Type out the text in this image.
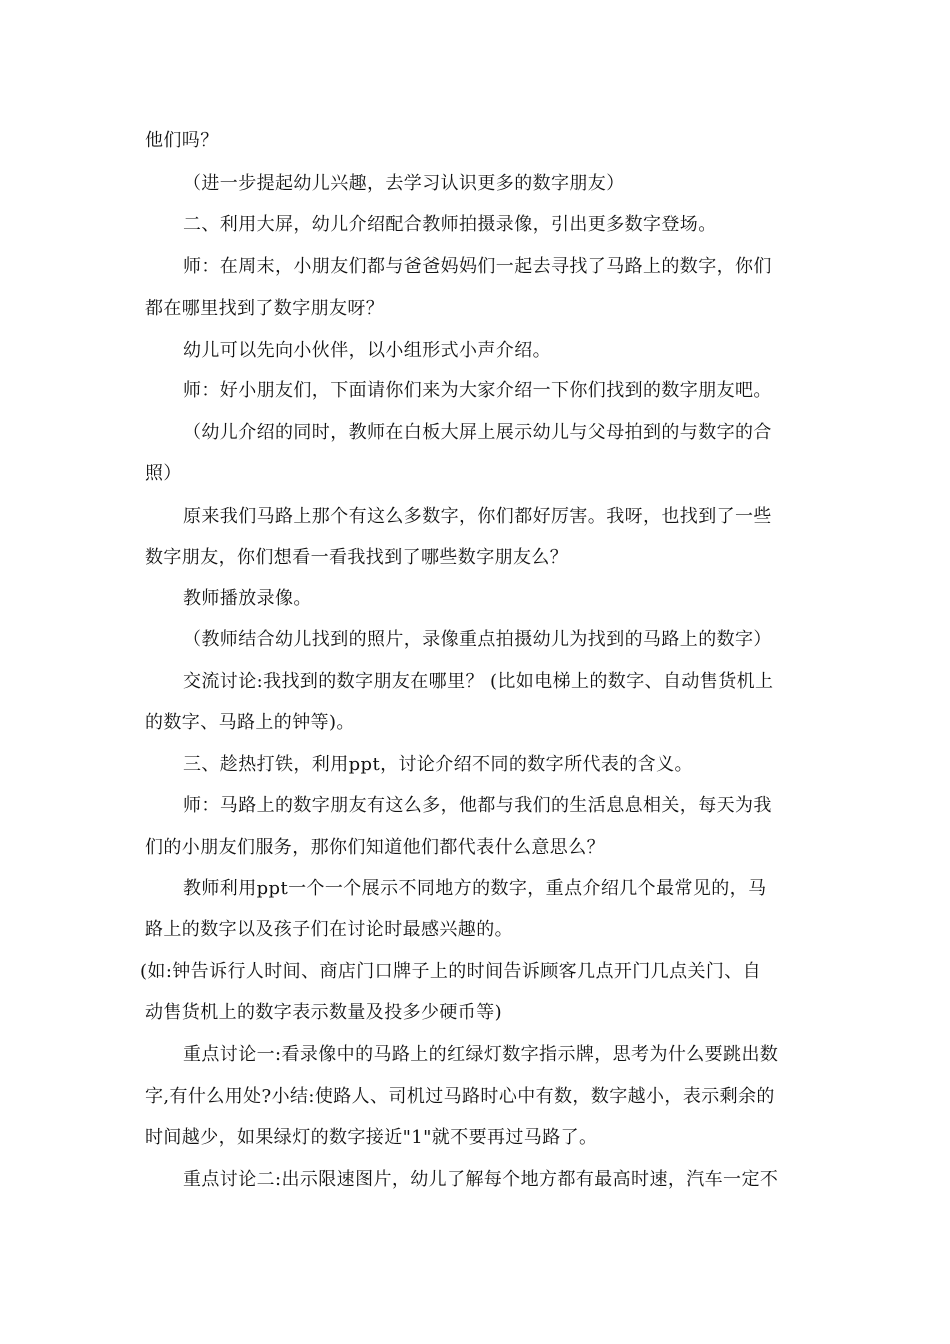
他们吗？
（进一步提起幼儿兴趣，去学习认识更多的数字朋友）
二、利用大屏，幼儿介绍配合教师拍摄录像，引出更多数字登场。
师：在周末，小朋友们都与爸爸妈妈们一起去寻找了马路上的数字，你们
都在哪里找到了数字朋友呀？
幼儿可以先向小伙伴，以小组形式小声介绍。
师：好小朋友们，下面请你们来为大家介绍一下你们找到的数字朋友吧。
（幼儿介绍的同时，教师在白板大屏上展示幼儿与父母拍到的与数字的合
照）
原来我们马路上那个有这么多数字，你们都好厉害。我呀，也找到了一些
数字朋友，你们想看一看我找到了哪些数字朋友么？
教师播放录像。
（教师结合幼儿找到的照片，录像重点拍摄幼儿为找到的马路上的数字）
交流讨论:我找到的数字朋友在哪里？ (比如电梯上的数字、自动售货机上
的数字、马路上的钟等)。
三、趁热打铁，利用ppt，讨论介绍不同的数字所代表的含义。
师：马路上的数字朋友有这么多，他都与我们的生活息息相关，每天为我
们的小朋友们服务，那你们知道他们都代表什么意思么？
教师利用ppt一个一个展示不同地方的数字，重点介绍几个最常见的，马
路上的数字以及孩子们在讨论时最感兴趣的。
(如:钟告诉行人时间、商店门口牌子上的时间告诉顾客几点开门几点关门、自
动售货机上的数字表示数量及投多少硬币等)
重点讨论一:看录像中的马路上的红绿灯数字指示牌，思考为什么要跳出数
字,有什么用处?小结:使路人、司机过马路时心中有数，数字越小，表示剩余的
时间越少，如果绿灯的数字接近"1"就不要再过马路了。
重点讨论二:出示限速图片，幼儿了解每个地方都有最高时速，汽车一定不
